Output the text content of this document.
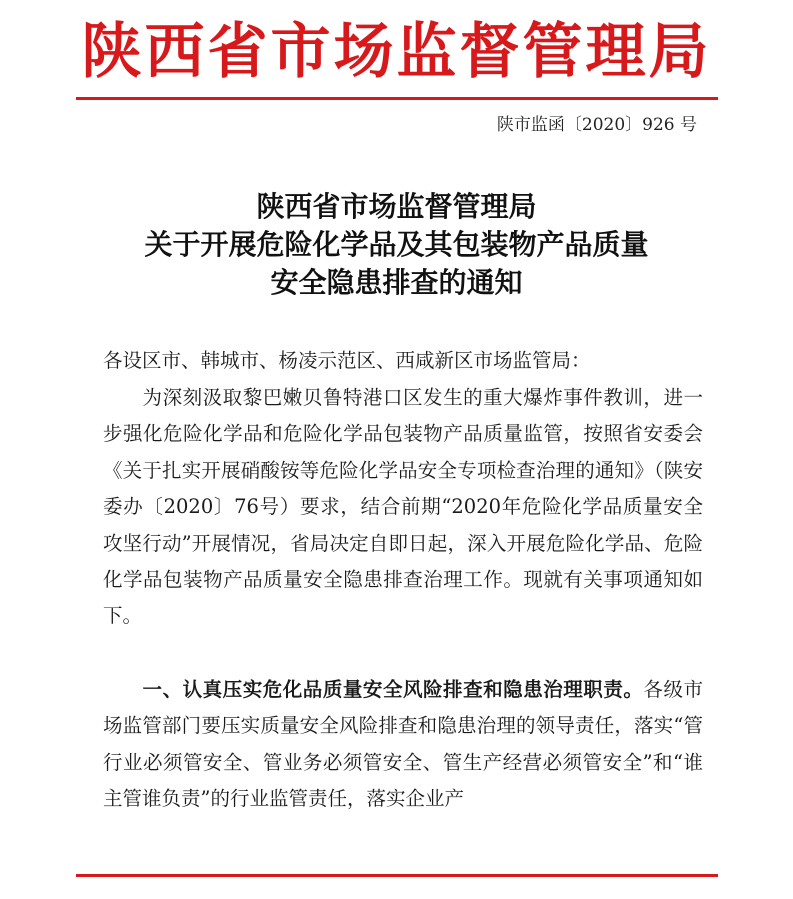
陕西省市场监督管理局
陕市监函〔2020〕926 号
陕西省市场监督管理局
关于开展危险化学品及其包装物产品质量
安全隐患排查的通知
各设区市、韩城市、杨凌示范区、西咸新区市场监管局：
为深刻汲取黎巴嫩贝鲁特港口区发生的重大爆炸事件教训，进一步强化危险化学品和危险化学品包装物产品质量监管，按照省安委会《关于扎实开展硝酸铵等危险化学品安全专项检查治理的通知》（陕安委办〔2020〕76号）要求，结合前期“2020年危险化学品质量安全攻坚行动”开展情况，省局决定自即日起，深入开展危险化学品、危险化学品包装物产品质量安全隐患排查治理工作。现就有关事项通知如下。
一、认真压实危化品质量安全风险排查和隐患治理职责。各级市场监管部门要压实质量安全风险排查和隐患治理的领导责任，落实“管行业必须管安全、管业务必须管安全、管生产经营必须管安全”和“谁主管谁负责”的行业监管责任，落实企业产
